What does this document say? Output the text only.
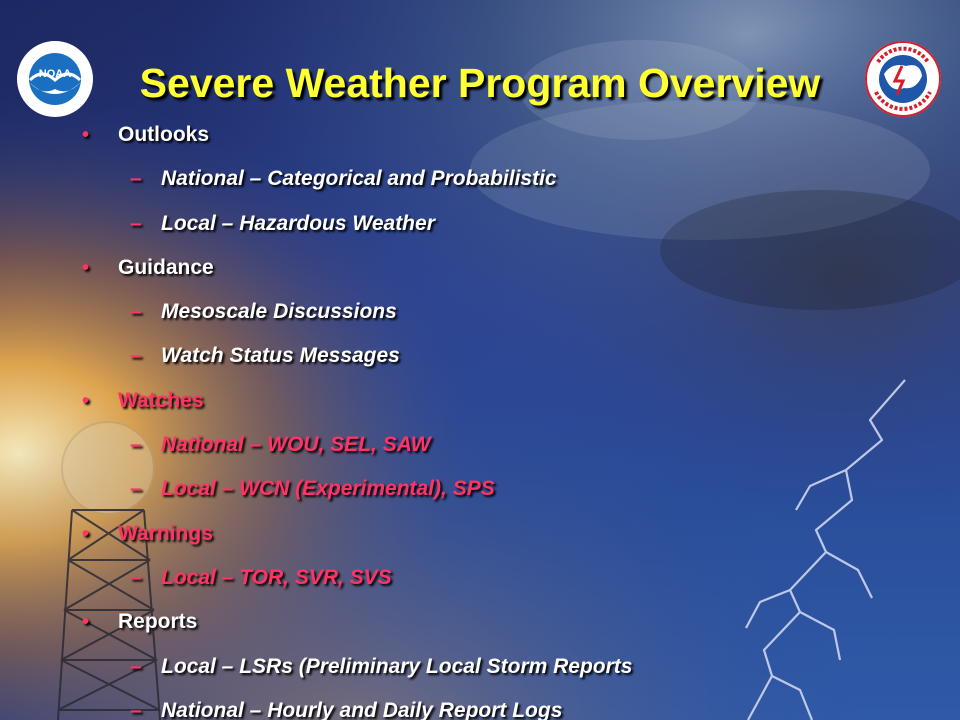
NOAA	Severe Weather Program Overview
• Outlooks
– National – Categorical and Probabilistic
– Local – Hazardous Weather
• Guidance
– Mesoscale Discussions
– Watch Status Messages
• Watches
– National – WOU, SEL, SAW
– Local – WCN (Experimental), SPS
• Warnings
– Local – TOR, SVR, SVS
• Reports
– Local – LSRs (Preliminary Local Storm Reports
– National – Hourly and Daily Report Logs
